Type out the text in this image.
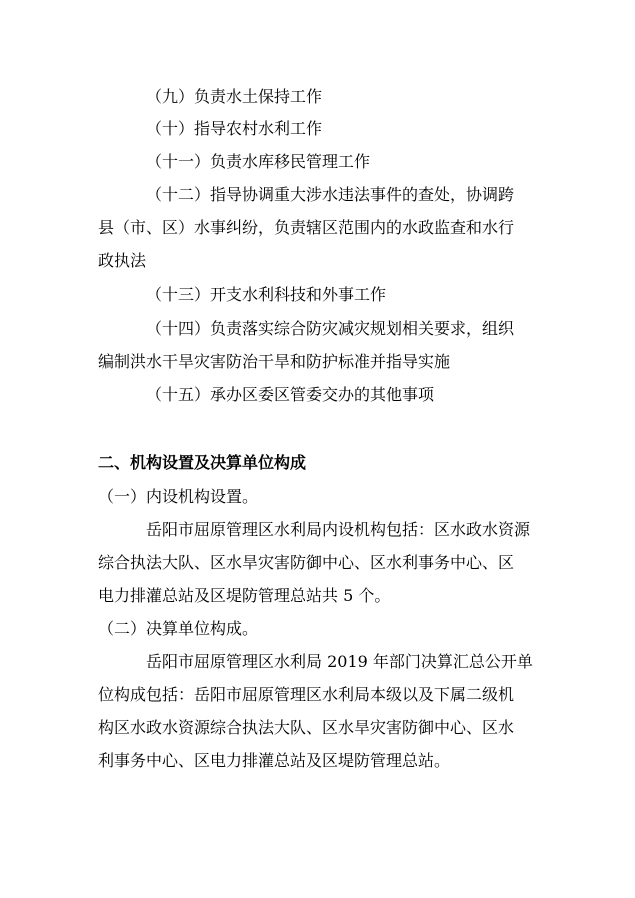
（九）负责水土保持工作
（十）指导农村水利工作
（十一）负责水库移民管理工作
（十二）指导协调重大涉水违法事件的查处，协调跨
县（市、区）水事纠纷，负责辖区范围内的水政监查和水行
政执法
（十三）开支水利科技和外事工作
（十四）负责落实综合防灾减灾规划相关要求，组织
编制洪水干旱灾害防治干旱和防护标准并指导实施
（十五）承办区委区管委交办的其他事项
二、机构设置及决算单位构成
（一）内设机构设置。
岳阳市屈原管理区水利局内设机构包括：区水政水资源
综合执法大队、区水旱灾害防御中心、区水利事务中心、区
电力排灌总站及区堤防管理总站共 5 个。
（二）决算单位构成。
岳阳市屈原管理区水利局 2019 年部门决算汇总公开单
位构成包括：岳阳市屈原管理区水利局本级以及下属二级机
构区水政水资源综合执法大队、区水旱灾害防御中心、区水
利事务中心、区电力排灌总站及区堤防管理总站。
